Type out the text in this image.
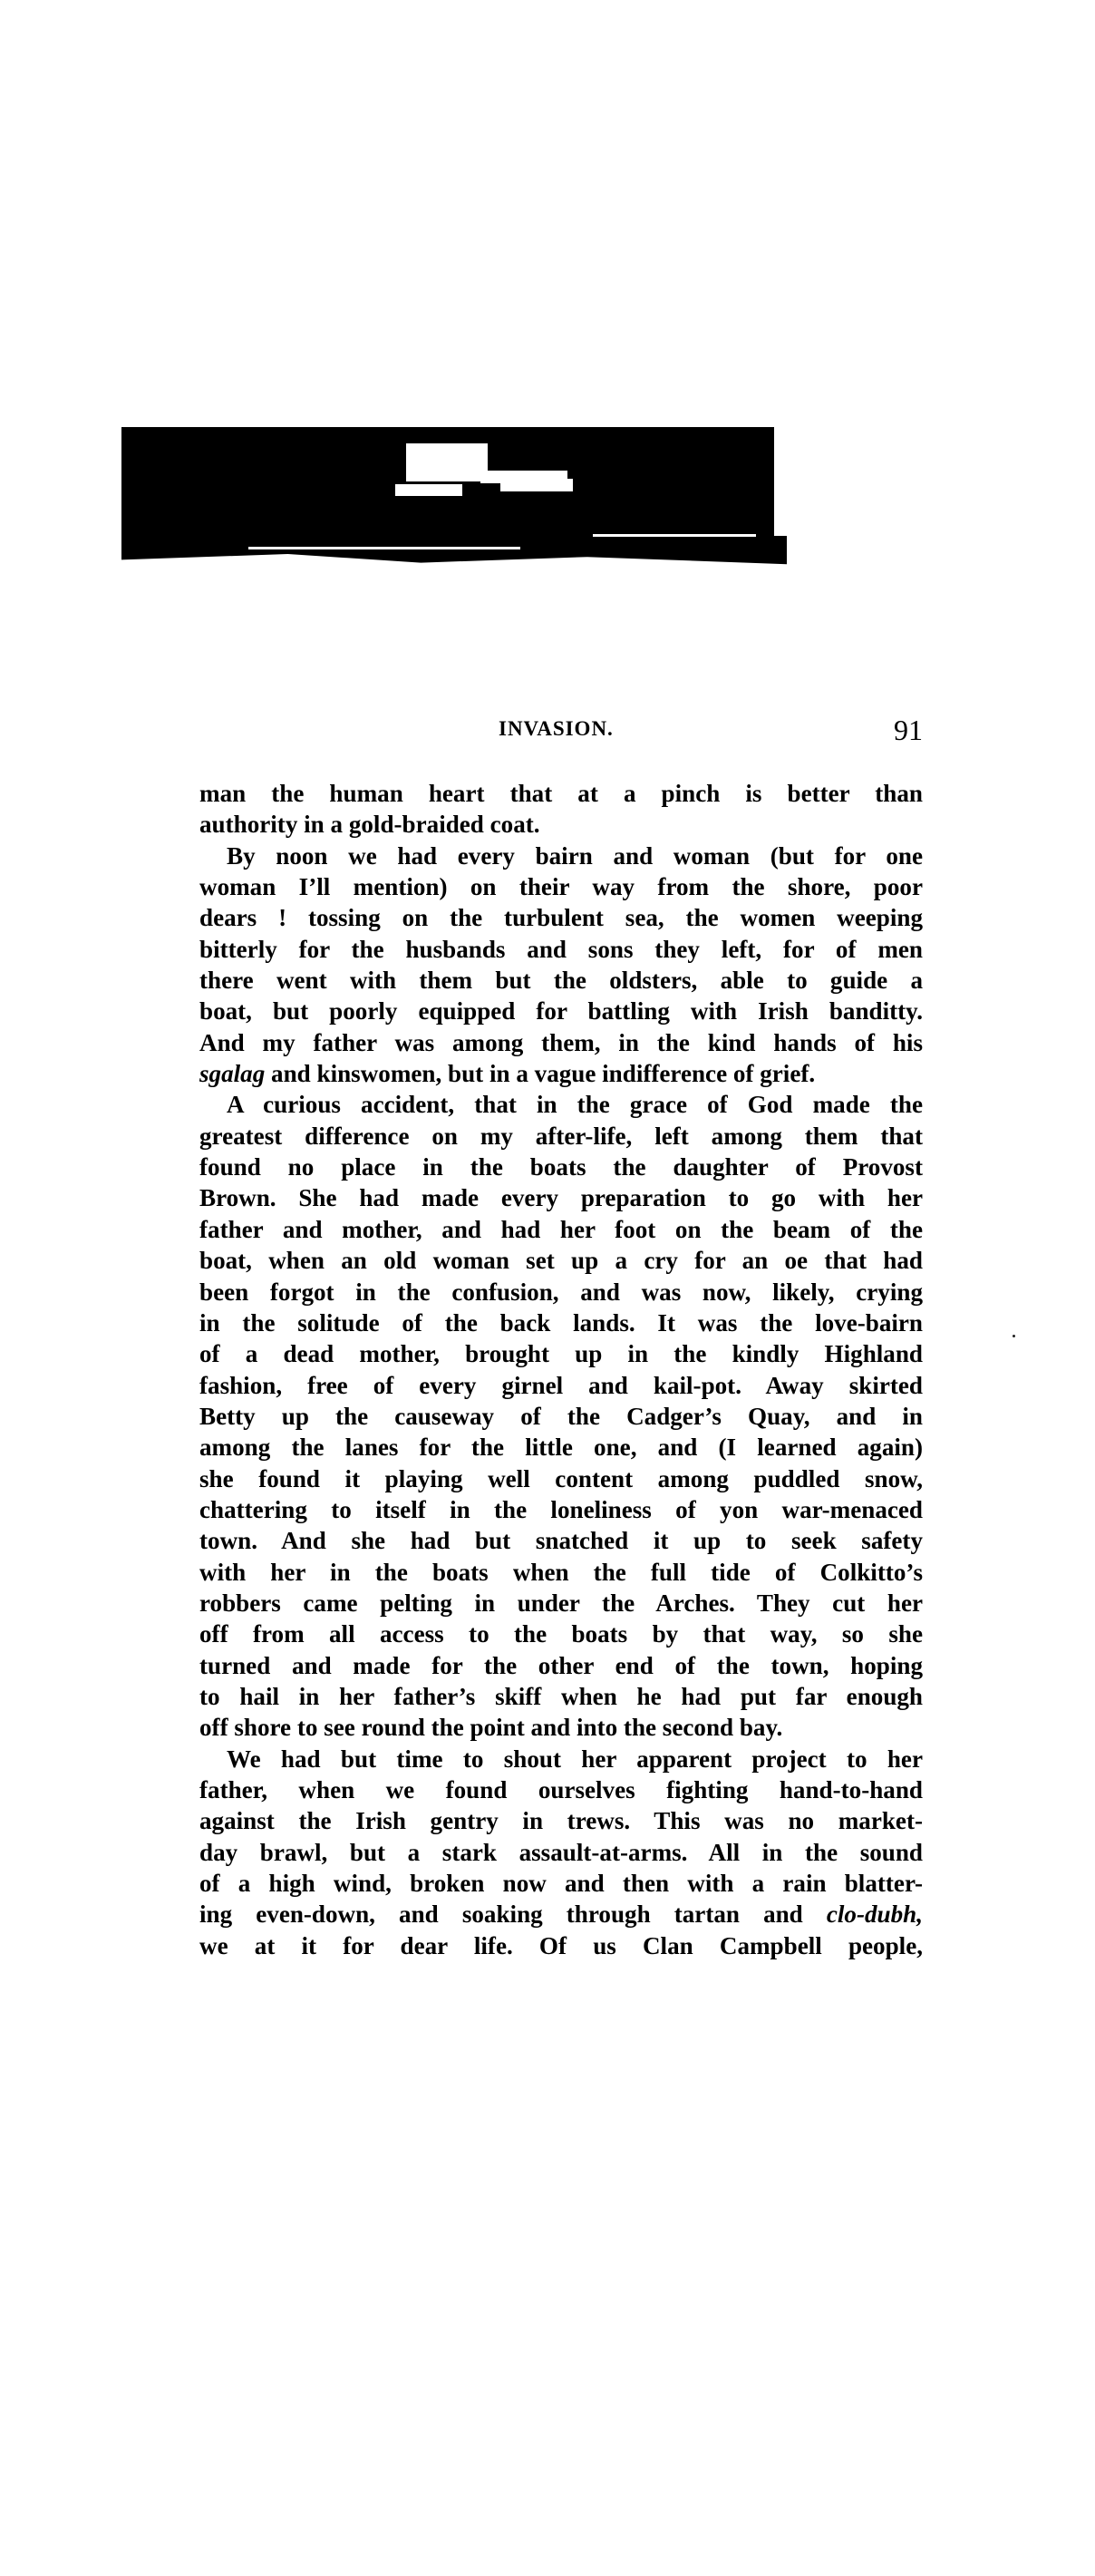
INVASION.	91
man the human heart that at a pinch is better than
authority in a gold-braided coat.
By noon we had every bairn and woman (but for one
woman I’ll mention) on their way from the shore, poor
dears ! tossing on the turbulent sea, the women weeping
bitterly for the husbands and sons they left, for of men
there went with them but the oldsters, able to guide a
boat, but poorly equipped for battling with Irish banditty.
And my father was among them, in the kind hands of his
sgalag and kinswomen, but in a vague indifference of grief.
A curious accident, that in the grace of God made the
greatest difference on my after-life, left among them that
found no place in the boats the daughter of Provost
Brown. She had made every preparation to go with her
father and mother, and had her foot on the beam of the
boat, when an old woman set up a cry for an oe that had
been forgot in the confusion, and was now, likely, crying
in the solitude of the back lands. It was the love-bairn
of a dead mother, brought up in the kindly Highland
fashion, free of every girnel and kail-pot. Away skirted
Betty up the causeway of the Cadger’s Quay, and in
among the lanes for the little one, and (I learned again)
she found it playing well content among puddled snow,
chattering to itself in the loneliness of yon war-menaced
town. And she had but snatched it up to seek safety
with her in the boats when the full tide of Colkitto’s
robbers came pelting in under the Arches. They cut her
off from all access to the boats by that way, so she
turned and made for the other end of the town, hoping
to hail in her father’s skiff when he had put far enough
off shore to see round the point and into the second bay.
We had but time to shout her apparent project to her
father, when we found ourselves fighting hand-to-hand
against the Irish gentry in trews. This was no market-
day brawl, but a stark assault-at-arms. All in the sound
of a high wind, broken now and then with a rain blatter-
ing even-down, and soaking through tartan and clo-dubh,
we at it for dear life. Of us Clan Campbell people,
